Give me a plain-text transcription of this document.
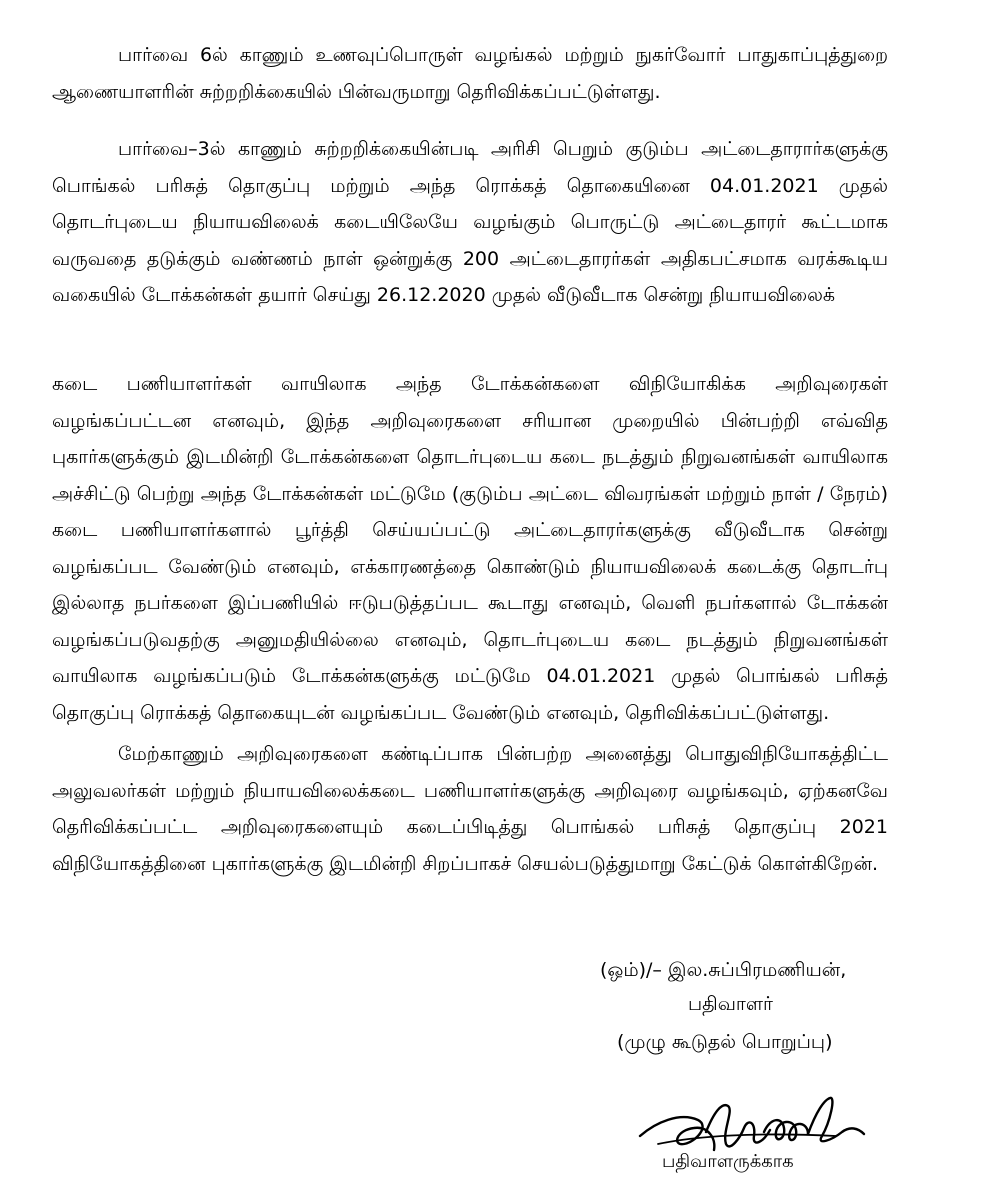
பார்வை 6ல் காணும் உணவுப்பொருள் வழங்கல் மற்றும் நுகர்வோர் பாதுகாப்புத்துறை ஆணையாளரின் சுற்றறிக்கையில் பின்வருமாறு தெரிவிக்கப்பட்டுள்ளது.

பார்வை–3ல் காணும் சுற்றறிக்கையின்படி அரிசி பெறும் குடும்ப அட்டைதாரார்களுக்கு பொங்கல் பரிசுத் தொகுப்பு மற்றும் அந்த ரொக்கத் தொகையினை 04.01.2021 முதல் தொடர்புடைய நியாயவிலைக் கடையிலேயே வழங்கும் பொருட்டு அட்டைதாரர் கூட்டமாக வருவதை தடுக்கும் வண்ணம் நாள் ஒன்றுக்கு 200 அட்டைதாரர்கள் அதிகபட்சமாக வரக்கூடிய வகையில் டோக்கன்கள் தயார் செய்து 26.12.2020 முதல் வீடுவீடாக சென்று நியாயவிலைக்

கடை பணியாளர்கள் வாயிலாக அந்த டோக்கன்களை விநியோகிக்க அறிவுரைகள் வழங்கப்பட்டன எனவும், இந்த அறிவுரைகளை சரியான முறையில் பின்பற்றி எவ்வித புகார்களுக்கும் இடமின்றி டோக்கன்களை தொடர்புடைய கடை நடத்தும் நிறுவனங்கள் வாயிலாக அச்சிட்டு பெற்று அந்த டோக்கன்கள் மட்டுமே (குடும்ப அட்டை விவரங்கள் மற்றும் நாள் / நேரம்) கடை பணியாளர்களால் பூர்த்தி செய்யப்பட்டு அட்டைதாரர்களுக்கு வீடுவீடாக சென்று வழங்கப்பட வேண்டும் எனவும், எக்காரணத்தை கொண்டும் நியாயவிலைக் கடைக்கு தொடர்பு இல்லாத நபர்களை இப்பணியில் ஈடுபடுத்தப்பட கூடாது எனவும், வெளி நபர்களால் டோக்கன் வழங்கப்படுவதற்கு அனுமதியில்லை எனவும், தொடர்புடைய கடை நடத்தும் நிறுவனங்கள் வாயிலாக வழங்கப்படும் டோக்கன்களுக்கு மட்டுமே 04.01.2021 முதல் பொங்கல் பரிசுத் தொகுப்பு ரொக்கத் தொகையுடன் வழங்கப்பட வேண்டும் எனவும், தெரிவிக்கப்பட்டுள்ளது.

மேற்காணும் அறிவுரைகளை கண்டிப்பாக பின்பற்ற அனைத்து பொதுவிநியோகத்திட்ட அலுவலர்கள் மற்றும் நியாயவிலைக்கடை பணியாளர்களுக்கு அறிவுரை வழங்கவும், ஏற்கனவே தெரிவிக்கப்பட்ட அறிவுரைகளையும் கடைப்பிடித்து பொங்கல் பரிசுத் தொகுப்பு 2021 விநியோகத்தினை புகார்களுக்கு இடமின்றி சிறப்பாகச் செயல்படுத்துமாறு கேட்டுக் கொள்கிறேன்.

(ஒம்)/– இல.சுப்பிரமணியன்,
பதிவாளர்
(முழு கூடுதல் பொறுப்பு)
பதிவாளருக்காக
